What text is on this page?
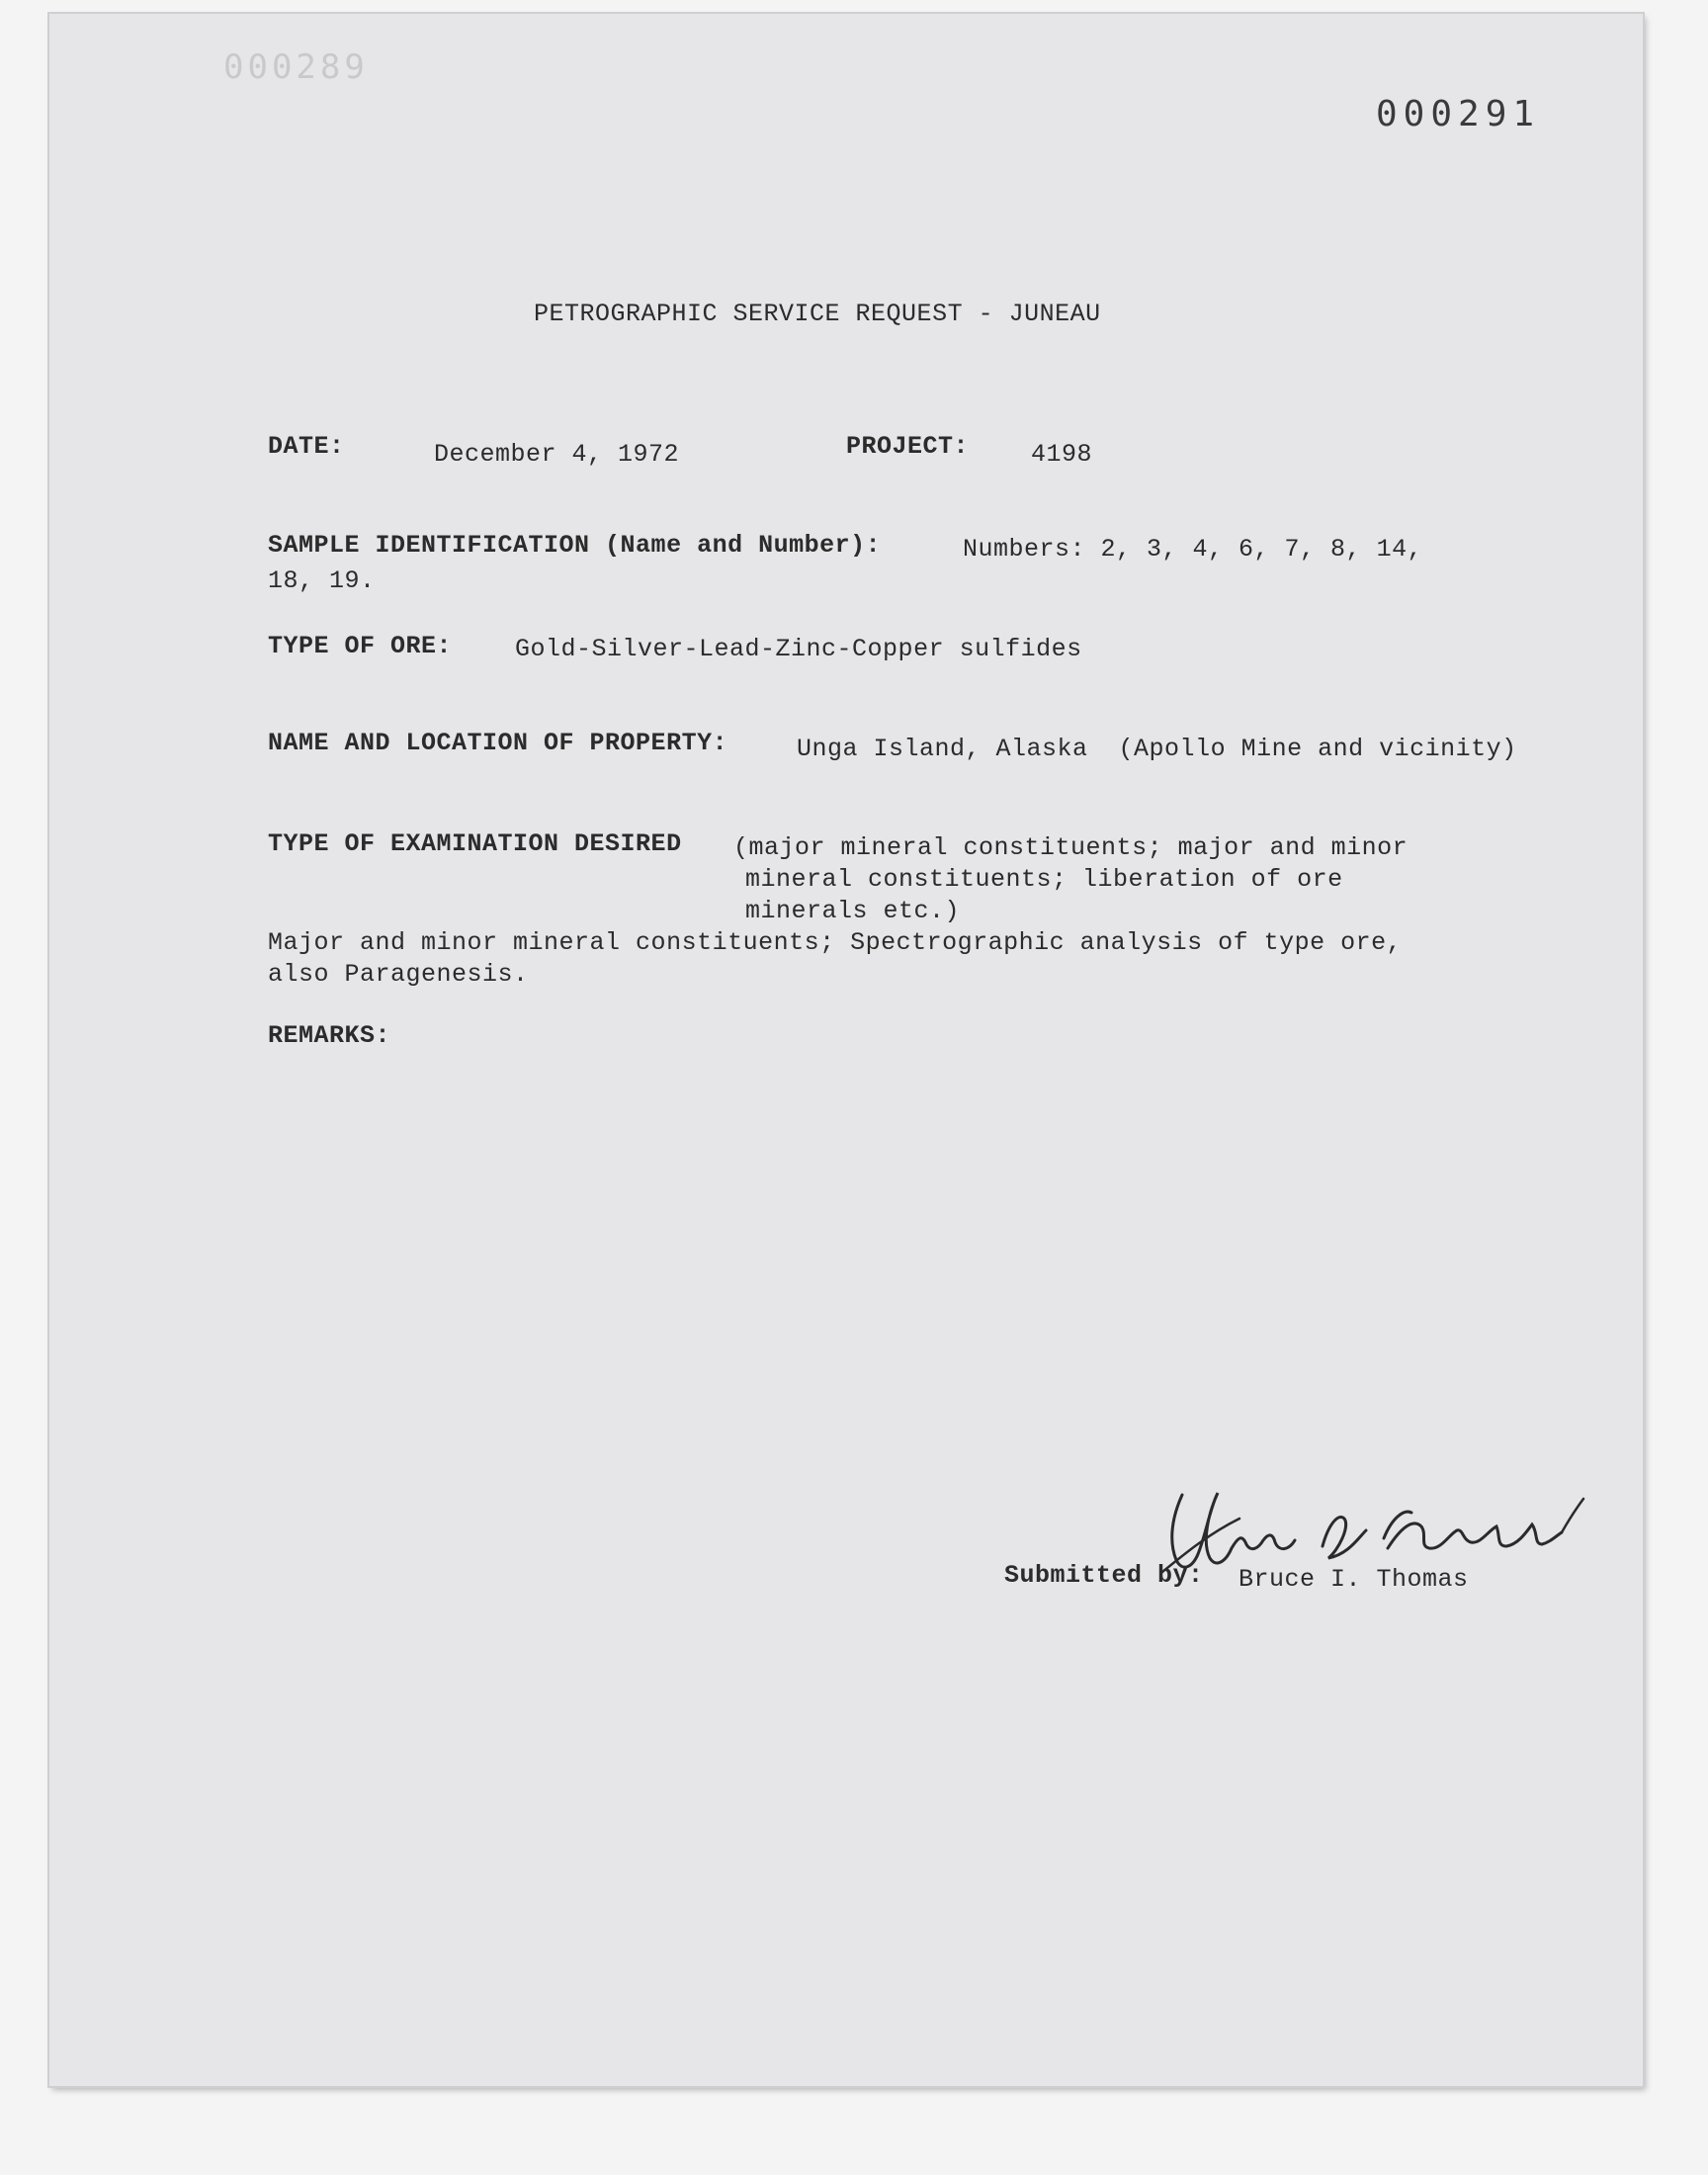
000289
000291
PETROGRAPHIC SERVICE REQUEST - JUNEAU
DATE:	December 4, 1972	PROJECT:	4198
SAMPLE IDENTIFICATION (Name and Number):	Numbers: 2, 3, 4, 6, 7, 8, 14,
18, 19.
TYPE OF ORE:	Gold-Silver-Lead-Zinc-Copper sulfides
NAME AND LOCATION OF PROPERTY:	Unga Island, Alaska  (Apollo Mine and vicinity)
TYPE OF EXAMINATION DESIRED (major mineral constituents; major and minor
mineral constituents; liberation of ore
minerals etc.)
Major and minor mineral constituents; Spectrographic analysis of type ore,
also Paragenesis.
REMARKS:
Submitted by: Bruce I. Thomas
